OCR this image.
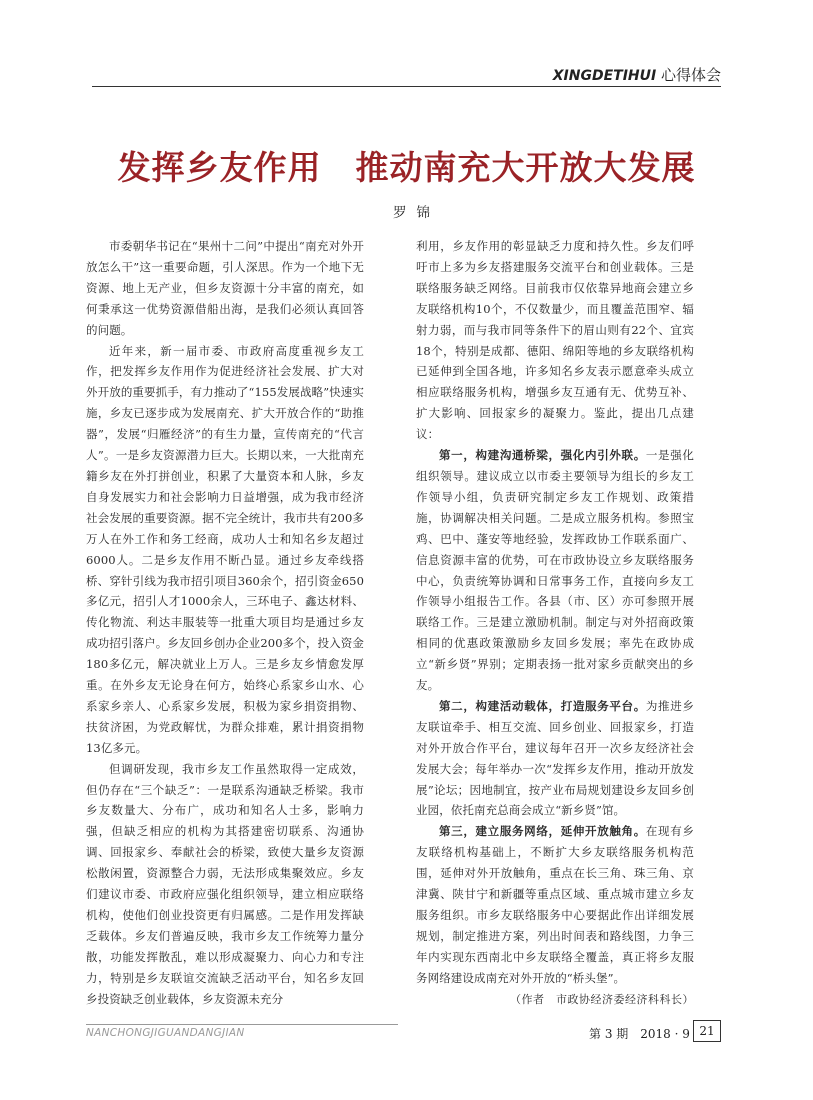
XINGDETIHUI 心得体会
发挥乡友作用　推动南充大开放大发展
罗锦

市委朝华书记在“果州十二问”中提出“南充对外开放怎么干”这一重要命题，引人深思。作为一个地下无资源、地上无产业，但乡友资源十分丰富的南充，如何秉承这一优势资源借船出海，是我们必须认真回答的问题。

近年来，新一届市委、市政府高度重视乡友工作，把发挥乡友作用作为促进经济社会发展、扩大对外开放的重要抓手，有力推动了“155发展战略”快速实施，乡友已逐步成为发展南充、扩大开放合作的“助推器”，发展“归雁经济”的有生力量，宣传南充的“代言人”。一是乡友资源潜力巨大。长期以来，一大批南充籍乡友在外打拼创业，积累了大量资本和人脉，乡友自身发展实力和社会影响力日益增强，成为我市经济社会发展的重要资源。据不完全统计，我市共有200多万人在外工作和务工经商，成功人士和知名乡友超过6000人。二是乡友作用不断凸显。通过乡友牵线搭桥、穿针引线为我市招引项目360余个，招引资金650多亿元，招引人才1000余人，三环电子、鑫达材料、传化物流、利达丰服装等一批重大项目均是通过乡友成功招引落户。乡友回乡创办企业200多个，投入资金180多亿元，解决就业上万人。三是乡友乡情愈发厚重。在外乡友无论身在何方，始终心系家乡山水、心系家乡亲人、心系家乡发展，积极为家乡捐资捐物、扶贫济困，为党政解忧，为群众排难，累计捐资捐物13亿多元。

但调研发现，我市乡友工作虽然取得一定成效，但仍存在“三个缺乏”：一是联系沟通缺乏桥梁。我市乡友数量大、分布广，成功和知名人士多，影响力强，但缺乏相应的机构为其搭建密切联系、沟通协调、回报家乡、奉献社会的桥梁，致使大量乡友资源松散闲置，资源整合力弱，无法形成集聚效应。乡友们建议市委、市政府应强化组织领导，建立相应联络机构，使他们创业投资更有归属感。二是作用发挥缺乏载体。乡友们普遍反映，我市乡友工作统筹力量分散，功能发挥散乱，难以形成凝聚力、向心力和专注力，特别是乡友联谊交流缺乏活动平台，知名乡友回乡投资缺乏创业载体，乡友资源未充分

利用，乡友作用的彰显缺乏力度和持久性。乡友们呼吁市上多为乡友搭建服务交流平台和创业载体。三是联络服务缺乏网络。目前我市仅依靠异地商会建立乡友联络机构10个，不仅数量少，而且覆盖范围窄、辐射力弱，而与我市同等条件下的眉山则有22个、宜宾18个，特别是成都、德阳、绵阳等地的乡友联络机构已延伸到全国各地，许多知名乡友表示愿意牵头成立相应联络服务机构，增强乡友互通有无、优势互补、扩大影响、回报家乡的凝聚力。鉴此，提出几点建议：

第一，构建沟通桥梁，强化内引外联。一是强化组织领导。建议成立以市委主要领导为组长的乡友工作领导小组，负责研究制定乡友工作规划、政策措施，协调解决相关问题。二是成立服务机构。参照宝鸡、巴中、蓬安等地经验，发挥政协工作联系面广、信息资源丰富的优势，可在市政协设立乡友联络服务中心，负责统筹协调和日常事务工作，直接向乡友工作领导小组报告工作。各县（市、区）亦可参照开展联络工作。三是建立激励机制。制定与对外招商政策相同的优惠政策激励乡友回乡发展；率先在政协成立“新乡贤”界别；定期表扬一批对家乡贡献突出的乡友。

第二，构建活动载体，打造服务平台。为推进乡友联谊牵手、相互交流、回乡创业、回报家乡，打造对外开放合作平台，建议每年召开一次乡友经济社会发展大会；每年举办一次“发挥乡友作用，推动开放发展”论坛；因地制宜，按产业布局规划建设乡友回乡创业园，依托南充总商会成立“新乡贤”馆。

第三，建立服务网络，延伸开放触角。在现有乡友联络机构基础上，不断扩大乡友联络服务机构范围，延伸对外开放触角，重点在长三角、珠三角、京津冀、陕甘宁和新疆等重点区域、重点城市建立乡友服务组织。市乡友联络服务中心要据此作出详细发展规划，制定推进方案，列出时间表和路线图，力争三年内实现东西南北中乡友联络全覆盖，真正将乡友服务网络建设成南充对外开放的“桥头堡”。

（作者　市政协经济委经济科科长）
NANCHONGJIGUANDANGJIAN	第 3 期　2018 · 9 21
